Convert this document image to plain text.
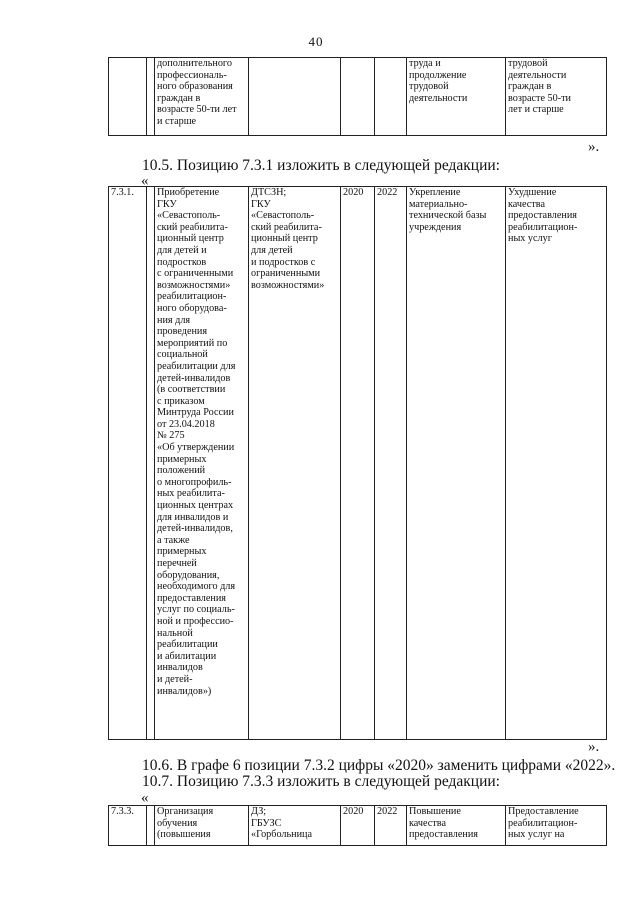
40
		дополнительного
профессиональ-
ного образования
граждан в
возрасте 50-ти лет
и старше				труда и
продолжение
трудовой
деятельности	трудовой
деятельности
граждан в
возрасте 50-ти
лет и старше
».
10.5. Позицию 7.3.1 изложить в следующей редакции:
«
7.3.1.		Приобретение
ГКУ
«Севастополь-
ский реабилита-
ционный центр
для детей и
подростков
с ограниченными
возможностями»
реабилитацион-
ного оборудова-
ния для
проведения
мероприятий по
социальной
реабилитации для
детей-инвалидов
(в соответствии
с приказом
Минтруда России
от 23.04.2018
№ 275
«Об утверждении
примерных
положений
о многопрофиль-
ных реабилита-
ционных центрах
для инвалидов и
детей-инвалидов,
а также
примерных
перечней
оборудования,
необходимого для
предоставления
услуг по социаль-
ной и профессио-
нальной
реабилитации
и абилитации
инвалидов
и детей-
инвалидов»)	ДТСЗН;
ГКУ
«Севастополь-
ский реабилита-
ционный центр
для детей
и подростков с
ограниченными
возможностями»	2020	2022	Укрепление
материально-
технической базы
учреждения	Ухудшение
качества
предоставления
реабилитацион-
ных услуг
».
10.6. В графе 6 позиции 7.3.2 цифры «2020» заменить цифрами «2022».
10.7. Позицию 7.3.3 изложить в следующей редакции:
«
7.3.3.		Организация
обучения
(повышения	ДЗ;
ГБУЗС
«Горбольница	2020	2022	Повышение
качества
предоставления	Предоставление
реабилитацион-
ных услуг на
